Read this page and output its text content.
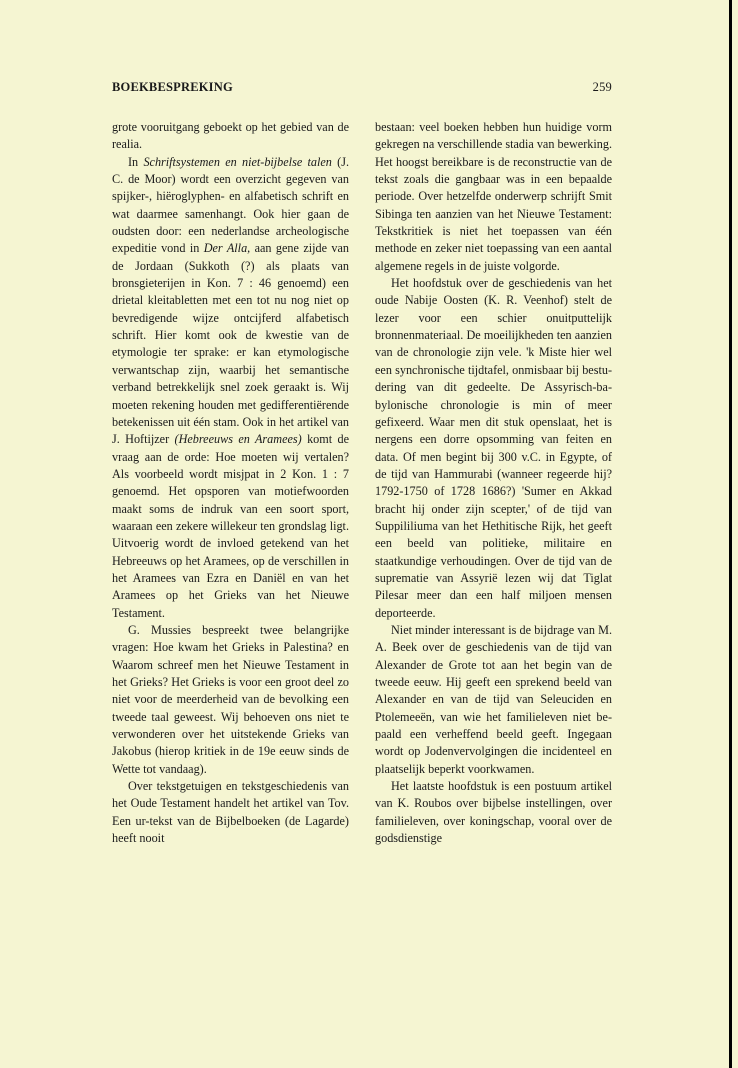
BOEKBESPREKING	259

grote vooruitgang geboekt op het gebied van de realia.

In Schriftsystemen en niet-bijbelse talen (J. C. de Moor) wordt een overzicht gegeven van spijker-, hiëroglyphen- en alfabetisch schrift en wat daarmee samenhangt. Ook hier gaan de oudsten door: een nederlandse archeologische expeditie vond in Der Alla, aan gene zijde van de Jordaan (Sukkoth (?) als plaats van bronsgieterijen in Kon. 7 : 46 genoemd) een drietal kleitabletten met een tot nu nog niet op bevredigende wijze ontcijferd alfabetisch schrift. Hier komt ook de kwestie van de etymologie ter sprake: er kan etymologische verwantschap zijn, waarbij het semantische verband betrekkelijk snel zoek geraakt is. Wij moeten rekening houden met gedifferentiërende betekenissen uit één stam. Ook in het artikel van J. Hoftijzer (Hebreeuws en Aramees) komt de vraag aan de orde: Hoe moeten wij vertalen? Als voorbeeld wordt misjpat in 2 Kon. 1 : 7 genoemd. Het opsporen van motiefwoorden maakt soms de indruk van een soort sport, waaraan een zekere willekeur ten grondslag ligt. Uitvoerig wordt de invloed getekend van het Hebreeuws op het Aramees, op de verschillen in het Aramees van Ezra en Daniël en van het Aramees op het Grieks van het Nieuwe Testament.

G. Mussies bespreekt twee belangrijke vragen: Hoe kwam het Grieks in Palestina? en Waarom schreef men het Nieuwe Testament in het Grieks? Het Grieks is voor een groot deel zo niet voor de meerderheid van de bevolking een tweede taal geweest. Wij behoeven ons niet te verwonderen over het uitstekende Grieks van Jakobus (hierop kritiek in de 19e eeuw sinds de Wette tot vandaag).

Over tekstgetuigen en tekstgeschiedenis van het Oude Testament handelt het artikel van Tov. Een ur-tekst van de Bijbelboeken (de Lagarde) heeft nooit

bestaan: veel boeken hebben hun huidige vorm gekregen na verschillende stadia van bewerking. Het hoogst bereikbare is de reconstructie van de tekst zoals die gangbaar was in een bepaalde periode. Over hetzelfde onderwerp schrijft Smit Sibinga ten aanzien van het Nieuwe Testament: Tekstkritiek is niet het toepassen van één methode en zeker niet toepassing van een aantal algemene regels in de juiste volgorde.

Het hoofdstuk over de geschiedenis van het oude Nabije Oosten (K. R. Veenhof) stelt de lezer voor een schier onuitputtelijk bronnenmateriaal. De moeilijkheden ten aanzien van de chronologie zijn vele. 'k Miste hier wel een synchronische tijdtafel, onmisbaar bij bestudering van dit gedeelte. De Assyrisch-babylonische chronologie is min of meer gefixeerd. Waar men dit stuk openslaat, het is nergens een dorre opsomming van feiten en data. Of men begint bij 300 v.C. in Egypte, of de tijd van Hammurabi (wanneer regeerde hij? 1792-1750 of 1728 1686?) 'Sumer en Akkad bracht hij onder zijn scepter,' of de tijd van Suppililiuma van het Hethitische Rijk, het geeft een beeld van politieke, militaire en staatkundige verhoudingen. Over de tijd van de suprematie van Assyrië lezen wij dat Tiglat Pilesar meer dan een half miljoen mensen deporteerde.

Niet minder interessant is de bijdrage van M. A. Beek over de geschiedenis van de tijd van Alexander de Grote tot aan het begin van de tweede eeuw. Hij geeft een sprekend beeld van Alexander en van de tijd van Seleuciden en Ptolemeeën, van wie het familieleven niet bepaald een verheffend beeld geeft. Ingegaan wordt op Jodenvervolgingen die incidenteel en plaatselijk beperkt voorkwamen.

Het laatste hoofdstuk is een postuum artikel van K. Roubos over bijbelse instellingen, over familieleven, over koningschap, vooral over de godsdienstige
